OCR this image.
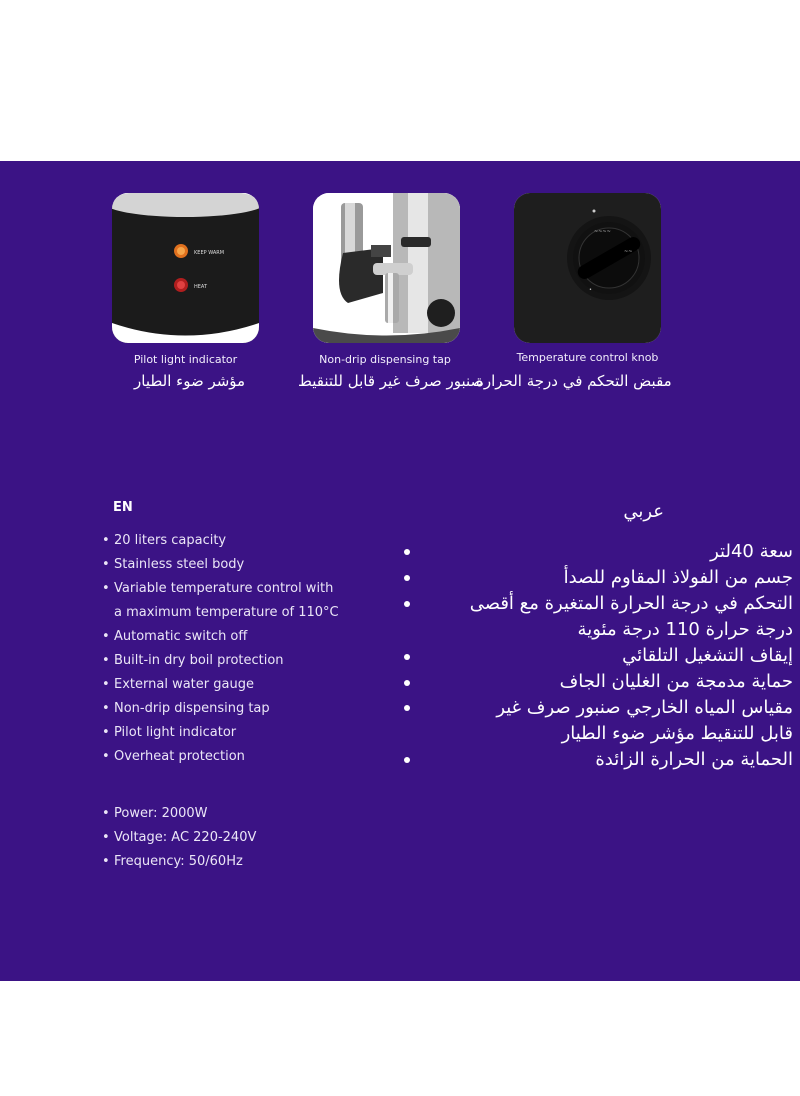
KEEP WARM
HEAT
~~~~
~~
•
Pilot light indicator	Non-drip dispensing tap	Temperature control knob
مؤشر ضوء الطيار	صنبور صرف غير قابل للتنقيط
مقبض التحكم في درجة الحرارة
EN
• 20 liters capacity
• Stainless steel body
• Variable temperature control with
a maximum temperature of 110°C
• Automatic switch off
• Built-in dry boil protection
• External water gauge
• Non-drip dispensing tap
• Pilot light indicator
• Overheat protection
• Power: 2000W
• Voltage: AC 220-240V
• Frequency: 50/60Hz
عربي
سعة 40لتر
جسم من الفولاذ المقاوم للصدأ
التحكم في درجة الحرارة المتغيرة مع أقصى
درجة حرارة 110 درجة مئوية
إيقاف التشغيل التلقائي
حماية مدمجة من الغليان الجاف
مقياس المياه الخارجي صنبور صرف غير
قابل للتنقيط مؤشر ضوء الطيار
الحماية من الحرارة الزائدة
